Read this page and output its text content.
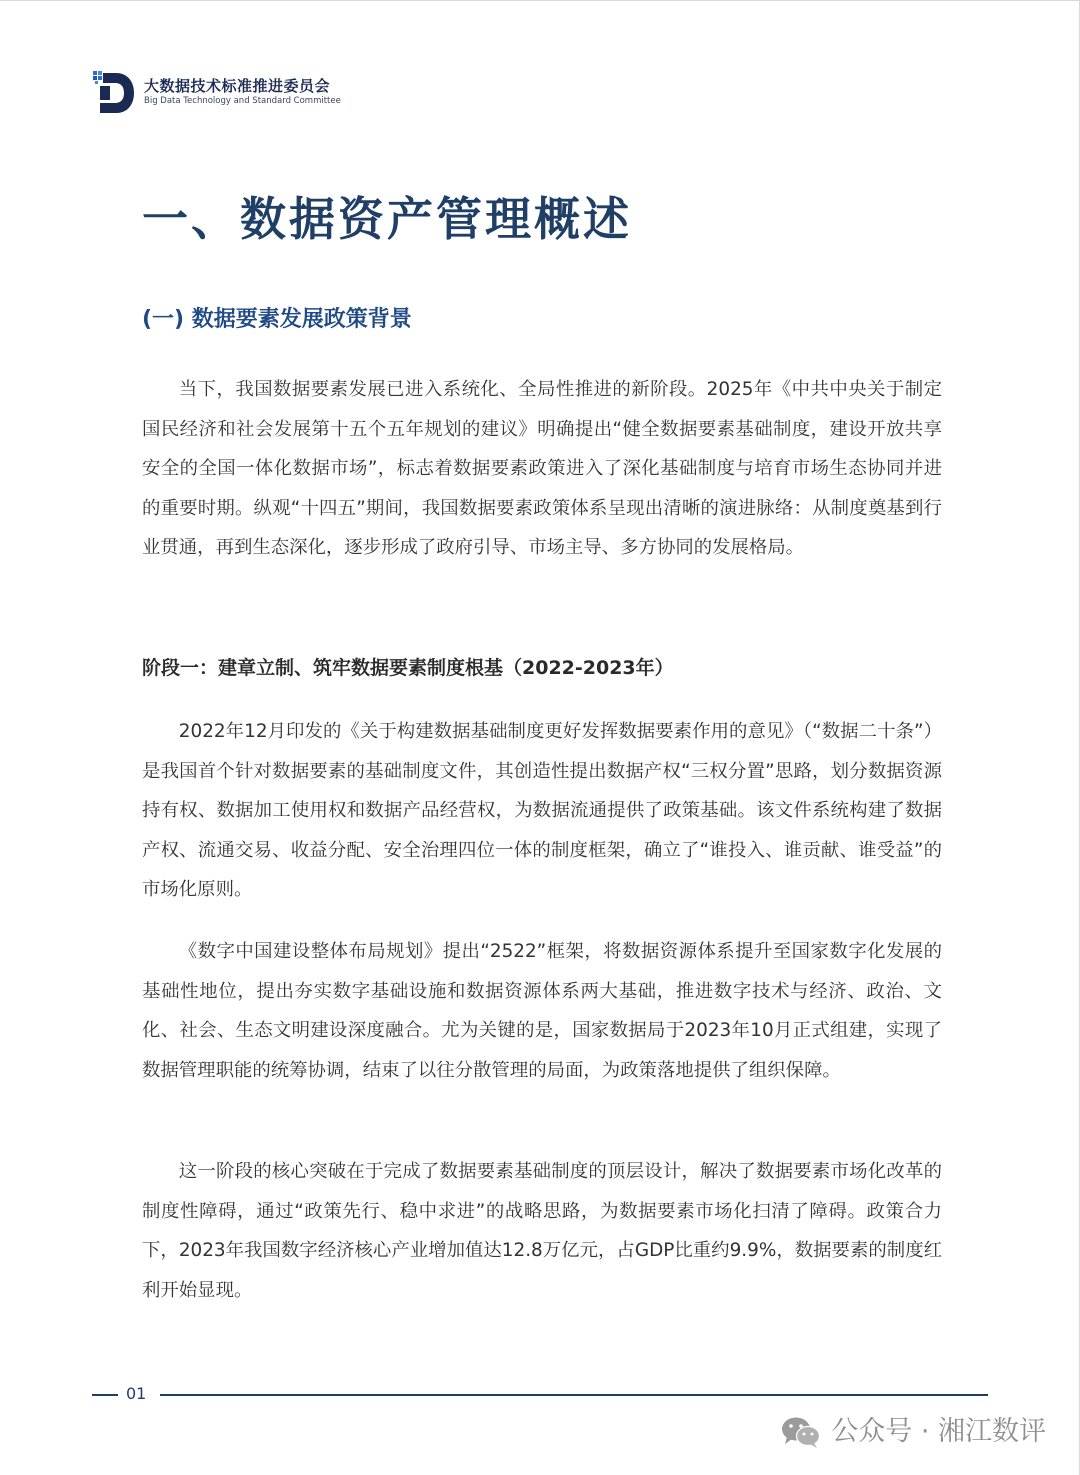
大数据技术标准推进委员会
Big Data Technology and Standard Committee
一、数据资产管理概述
(一) 数据要素发展政策背景

当下，我国数据要素发展已进入系统化、全局性推进的新阶段。2025年《中共中央关于制定国民经济和社会发展第十五个五年规划的建议》明确提出“健全数据要素基础制度，建设开放共享安全的全国一体化数据市场”，标志着数据要素政策进入了深化基础制度与培育市场生态协同并进的重要时期。纵观“十四五”期间，我国数据要素政策体系呈现出清晰的演进脉络：从制度奠基到行业贯通，再到生态深化，逐步形成了政府引导、市场主导、多方协同的发展格局。

阶段一：建章立制、筑牢数据要素制度根基（2022-2023年）

2022年12月印发的《关于构建数据基础制度更好发挥数据要素作用的意见》（“数据二十条”）是我国首个针对数据要素的基础制度文件，其创造性提出数据产权“三权分置”思路，划分数据资源持有权、数据加工使用权和数据产品经营权，为数据流通提供了政策基础。该文件系统构建了数据产权、流通交易、收益分配、安全治理四位一体的制度框架，确立了“谁投入、谁贡献、谁受益”的市场化原则。

《数字中国建设整体布局规划》提出“2522”框架，将数据资源体系提升至国家数字化发展的基础性地位，提出夯实数字基础设施和数据资源体系两大基础，推进数字技术与经济、政治、文化、社会、生态文明建设深度融合。尤为关键的是，国家数据局于2023年10月正式组建，实现了数据管理职能的统筹协调，结束了以往分散管理的局面，为政策落地提供了组织保障。

这一阶段的核心突破在于完成了数据要素基础制度的顶层设计，解决了数据要素市场化改革的制度性障碍，通过“政策先行、稳中求进”的战略思路，为数据要素市场化扫清了障碍。政策合力下，2023年我国数字经济核心产业增加值达12.8万亿元，占GDP比重约9.9%，数据要素的制度红利开始显现。

01
公众号 · 湘江数评
